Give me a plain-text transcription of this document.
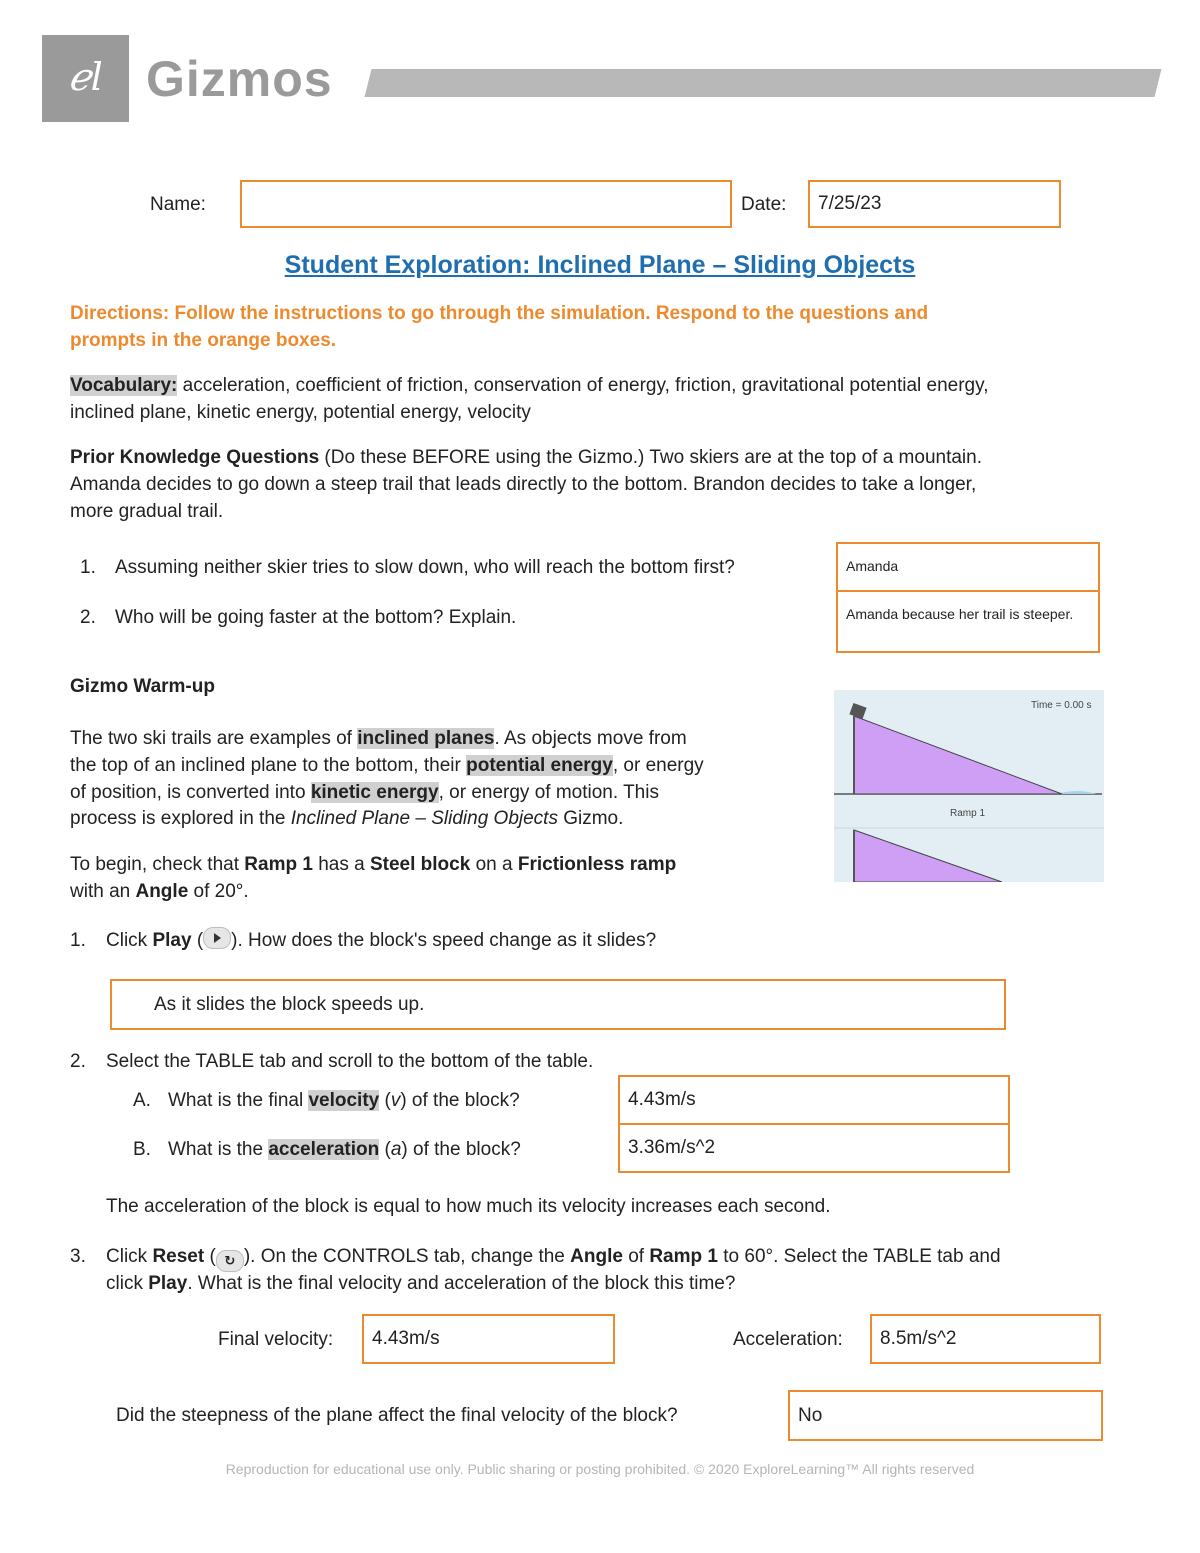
ℯl Gizmos
Name:	Date: 7/25/23
Student Exploration: Inclined Plane – Sliding Objects
Directions: Follow the instructions to go through the simulation. Respond to the questions and
prompts in the orange boxes.
Vocabulary: acceleration, coefficient of friction, conservation of energy, friction, gravitational potential energy,
inclined plane, kinetic energy, potential energy, velocity
Prior Knowledge Questions (Do these BEFORE using the Gizmo.) Two skiers are at the top of a mountain.
Amanda decides to go down a steep trail that leads directly to the bottom. Brandon decides to take a longer,
more gradual trail.
1. Assuming neither skier tries to slow down, who will reach the bottom first?
2. Who will be going faster at the bottom? Explain.
Amanda
Amanda because her trail is steeper.
Gizmo Warm-up
The two ski trails are examples of inclined planes. As objects move from
the top of an inclined plane to the bottom, their potential energy, or energy
of position, is converted into kinetic energy, or energy of motion. This
process is explored in the Inclined Plane – Sliding Objects Gizmo.
To begin, check that Ramp 1 has a Steel block on a Frictionless ramp
with an Angle of 20°.
Time = 0.00 s
Ramp 1
1. Click Play ( ). How does the block's speed change as it slides?
As it slides the block speeds up.
2. Select the TABLE tab and scroll to the bottom of the table.
A. What is the final velocity (v) of the block?	4.43m/s
B. What is the acceleration (a) of the block?	3.36m/s^2
The acceleration of the block is equal to how much its velocity increases each second.
3. Click Reset ( ↻ ). On the CONTROLS tab, change the Angle of Ramp 1 to 60°. Select the TABLE tab and
click Play. What is the final velocity and acceleration of the block this time?
Final velocity: 4.43m/s	Acceleration: 8.5m/s^2
Did the steepness of the plane affect the final velocity of the block?	No
Reproduction for educational use only. Public sharing or posting prohibited. © 2020 ExploreLearning™ All rights reserved
